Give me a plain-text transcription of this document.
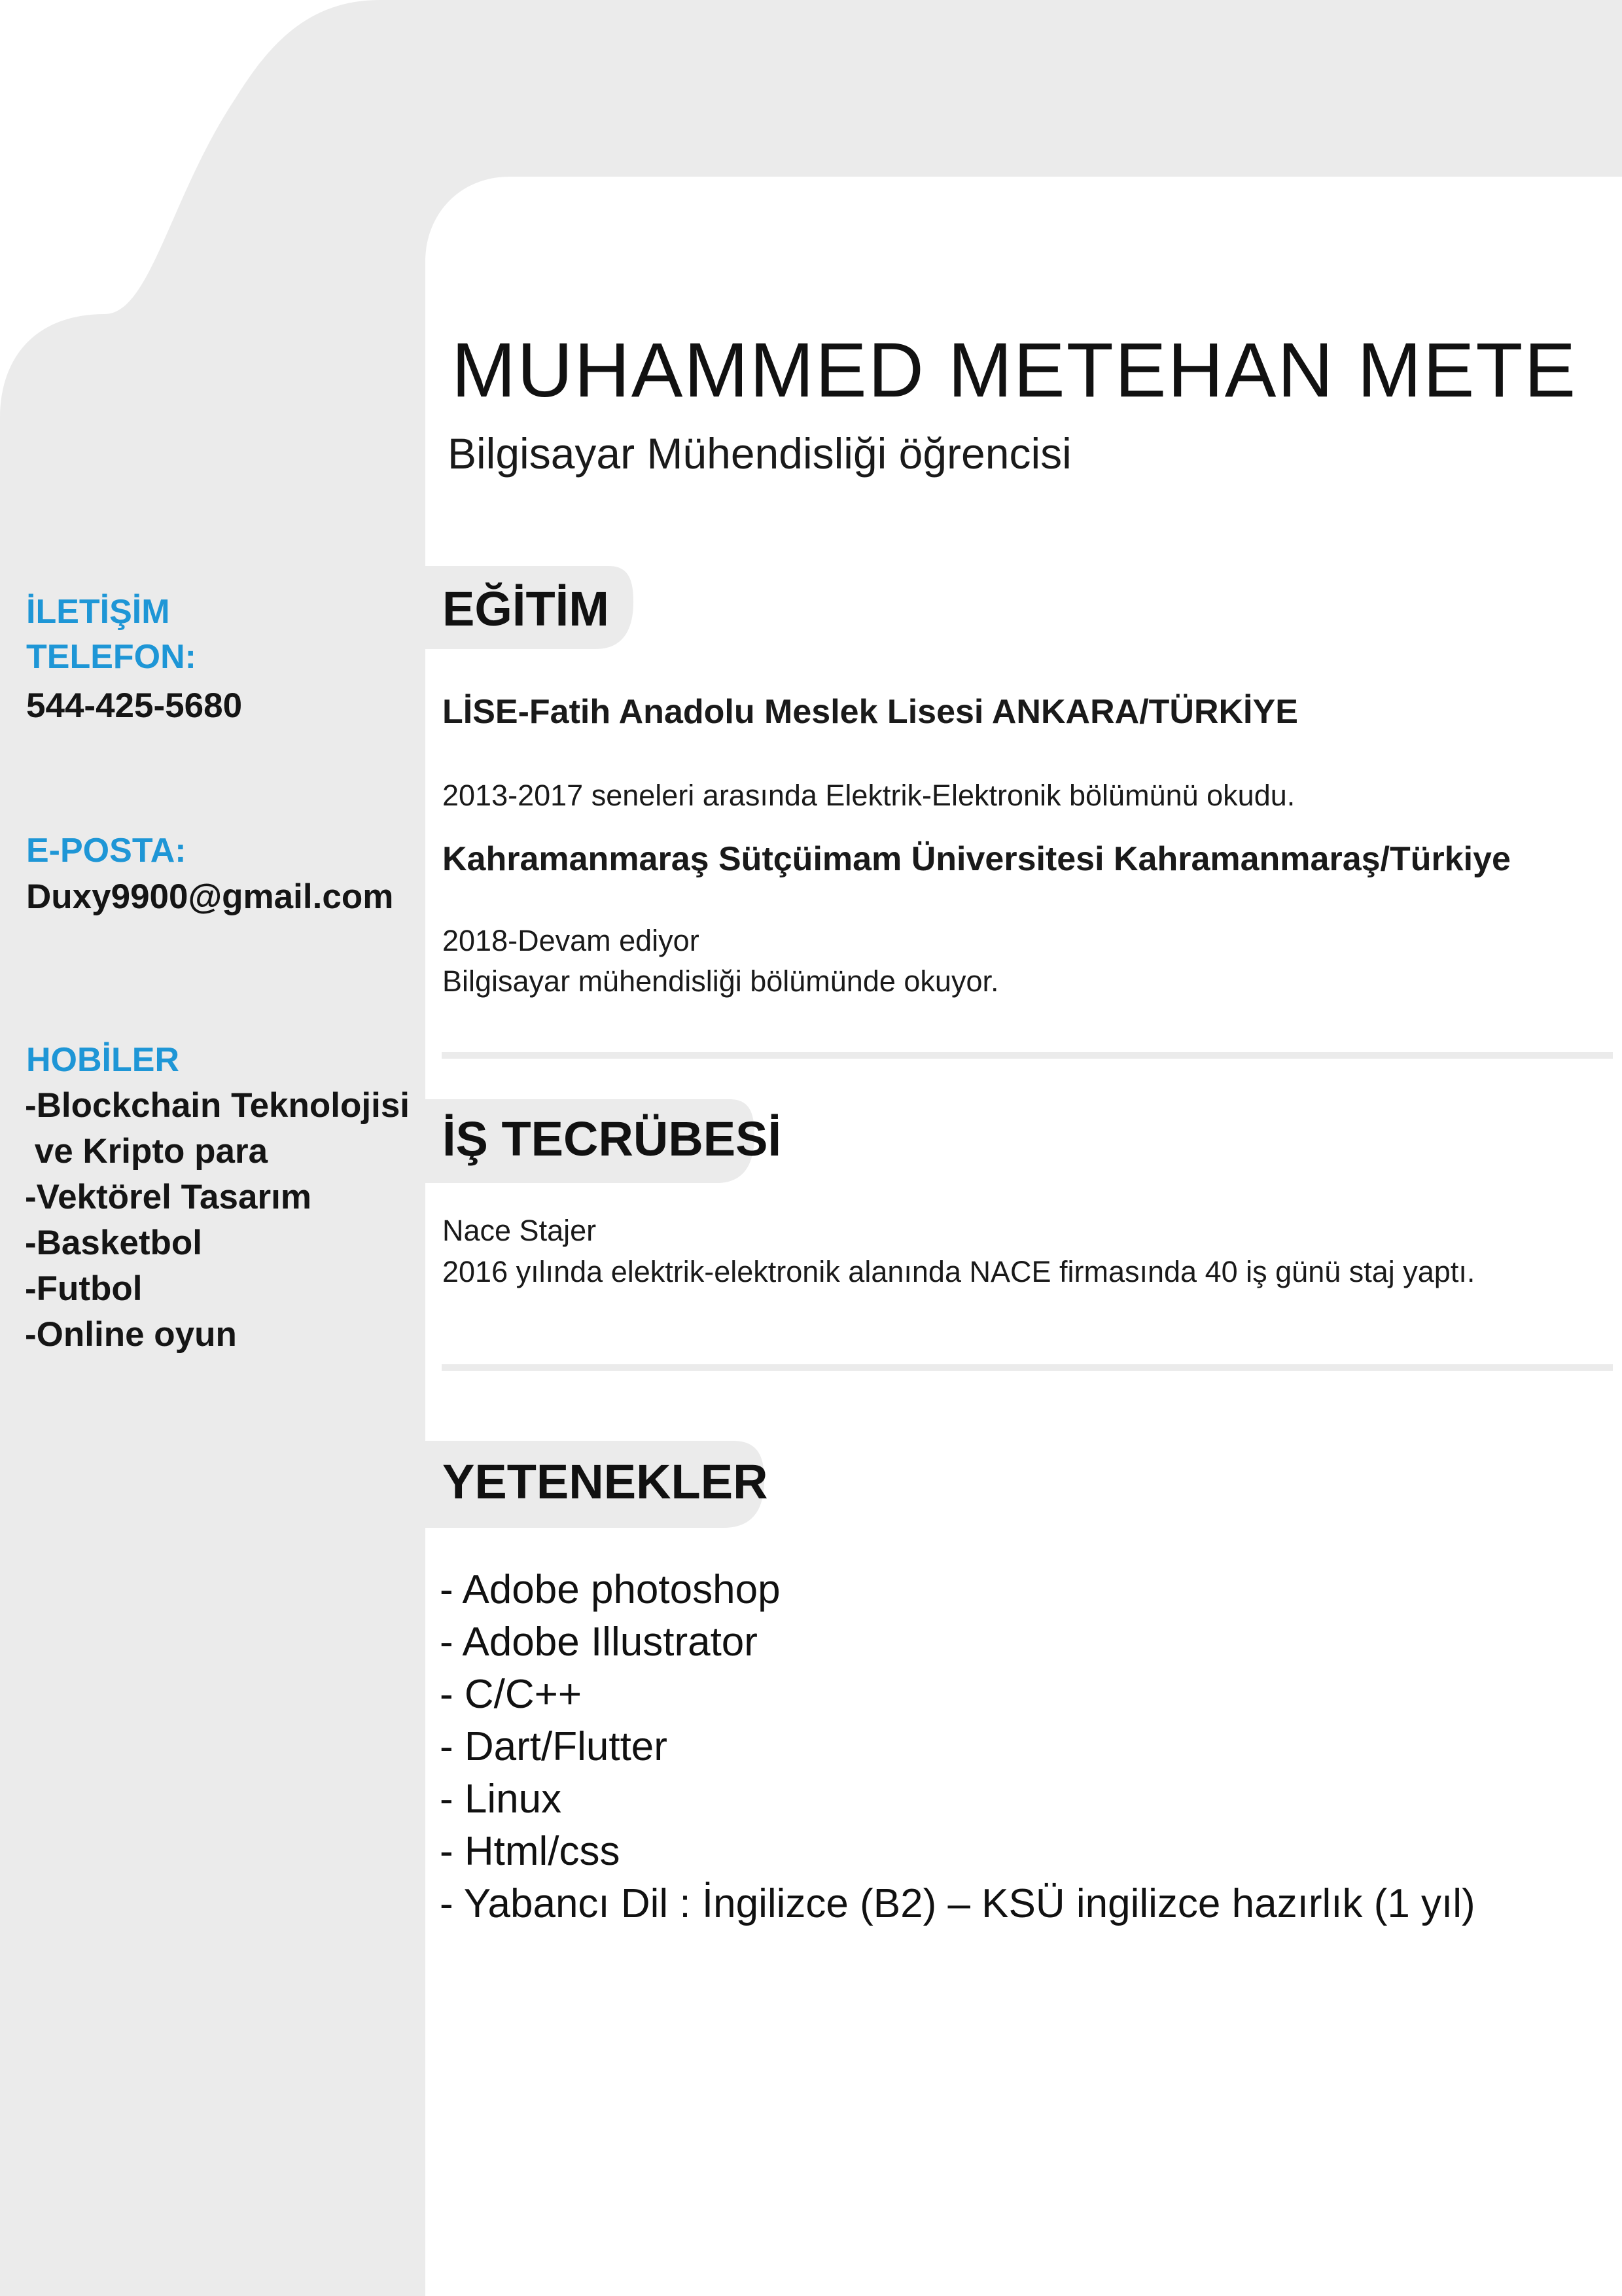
MUHAMMED METEHAN METE
Bilgisayar Mühendisliği öğrencisi
İLETİŞİM
TELEFON:
544-425-5680
E-POSTA:
Duxy9900@gmail.com
HOBİLER
-Blockchain Teknolojisi
ve Kripto para
-Vektörel Tasarım
-Basketbol
-Futbol
-Online oyun
EĞİTİM
LİSE-Fatih Anadolu Meslek Lisesi ANKARA/TÜRKİYE
2013-2017 seneleri arasında Elektrik-Elektronik bölümünü okudu.
Kahramanmaraş Sütçüimam Üniversitesi Kahramanmaraş/Türkiye
2018-Devam ediyor
Bilgisayar mühendisliği bölümünde okuyor.
İŞ TECRÜBESİ
Nace Stajer
2016 yılında elektrik-elektronik alanında NACE firmasında 40 iş günü staj yaptı.
YETENEKLER
- Adobe photoshop
- Adobe Illustrator
- C/C++
- Dart/Flutter
- Linux
- Html/css
- Yabancı Dil : İngilizce (B2) – KSÜ ingilizce hazırlık (1 yıl)
